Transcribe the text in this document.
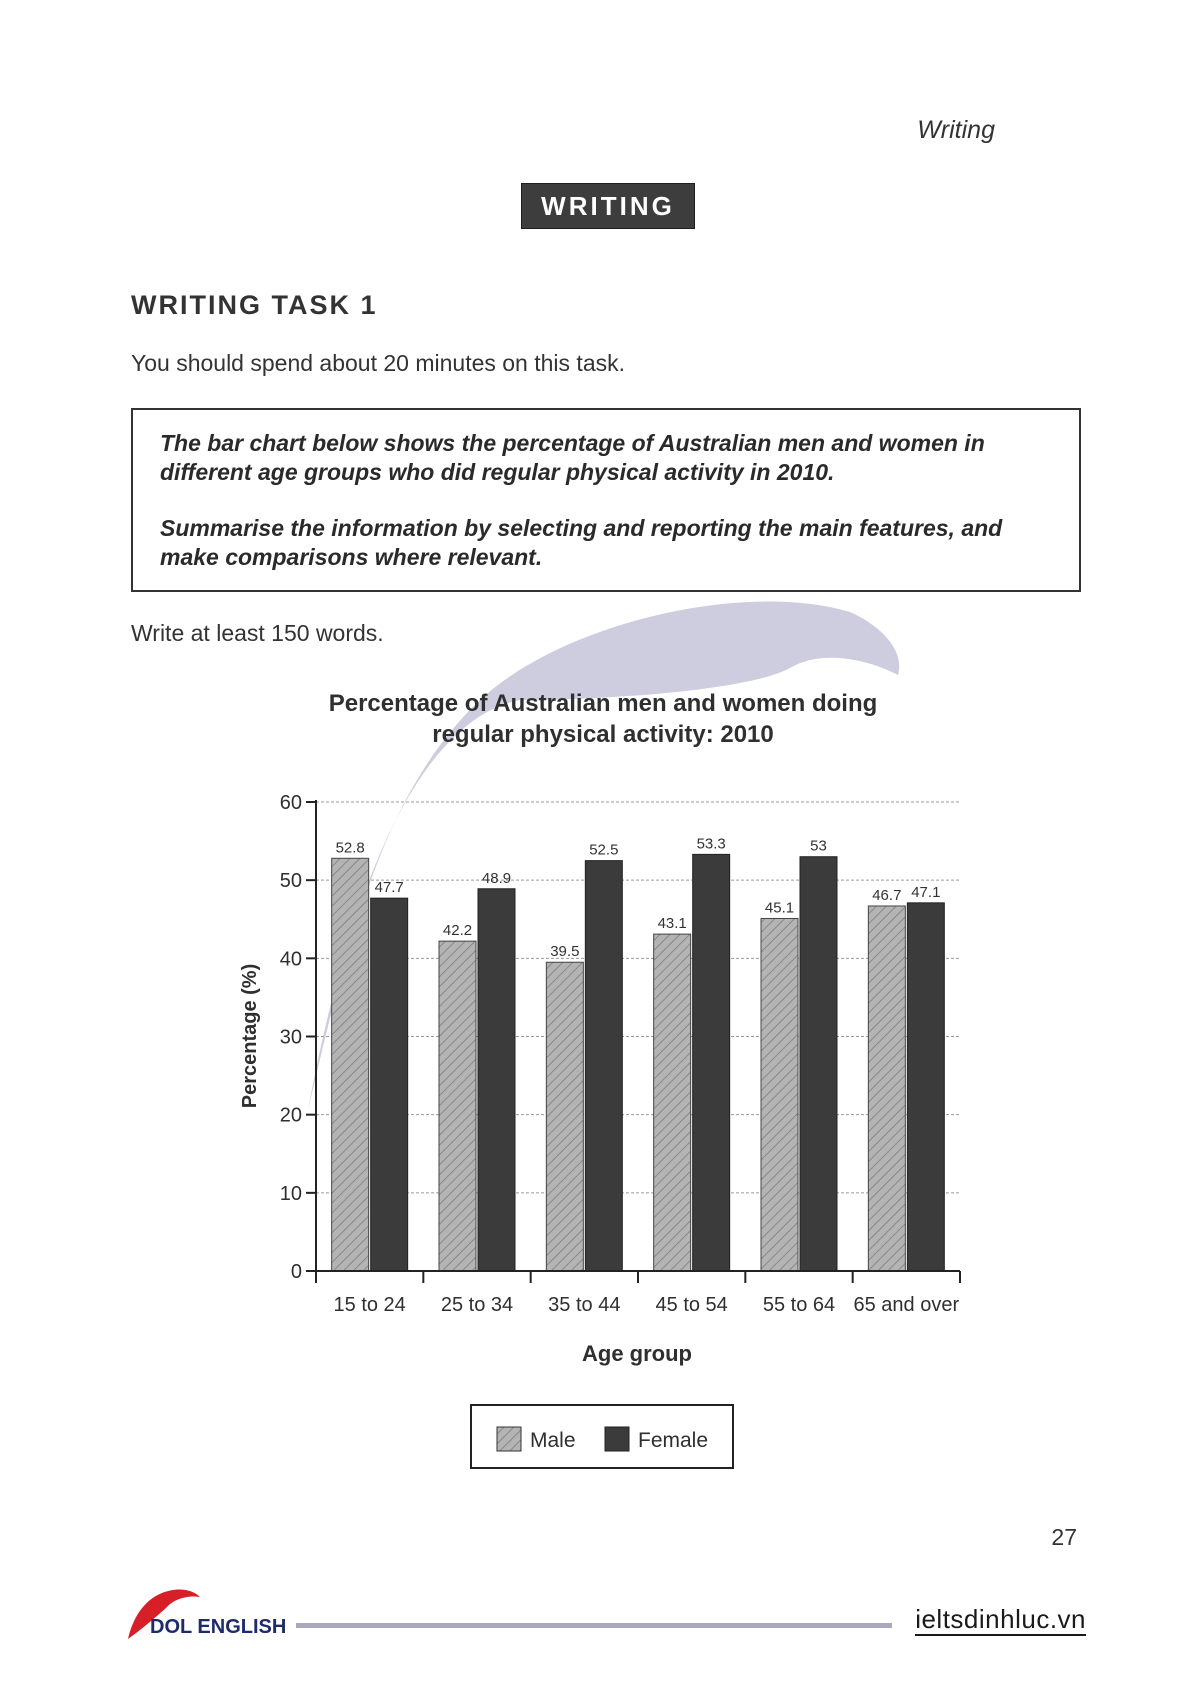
Writing
WRITING
WRITING TASK 1
You should spend about 20 minutes on this task.

The bar chart below shows the percentage of Australian men and women in different age groups who did regular physical activity in 2010.

Summarise the information by selecting and reporting the main features, and make comparisons where relevant.

Write at least 150 words.
Percentage of Australian men and women doing
regular physical activity: 2010
52.8
47.7
42.2
48.9
39.5
52.5
43.1
53.3
45.1
53
46.7 47.1
0
10
20
30
40
50
60
15 to 24 25 to 34 35 to 44 45 to 54 55 to 64 65 and over
Age group
Percentage (%)
Male	Female
27
DOL ENGLISH	ieltsdinhluc.vn
